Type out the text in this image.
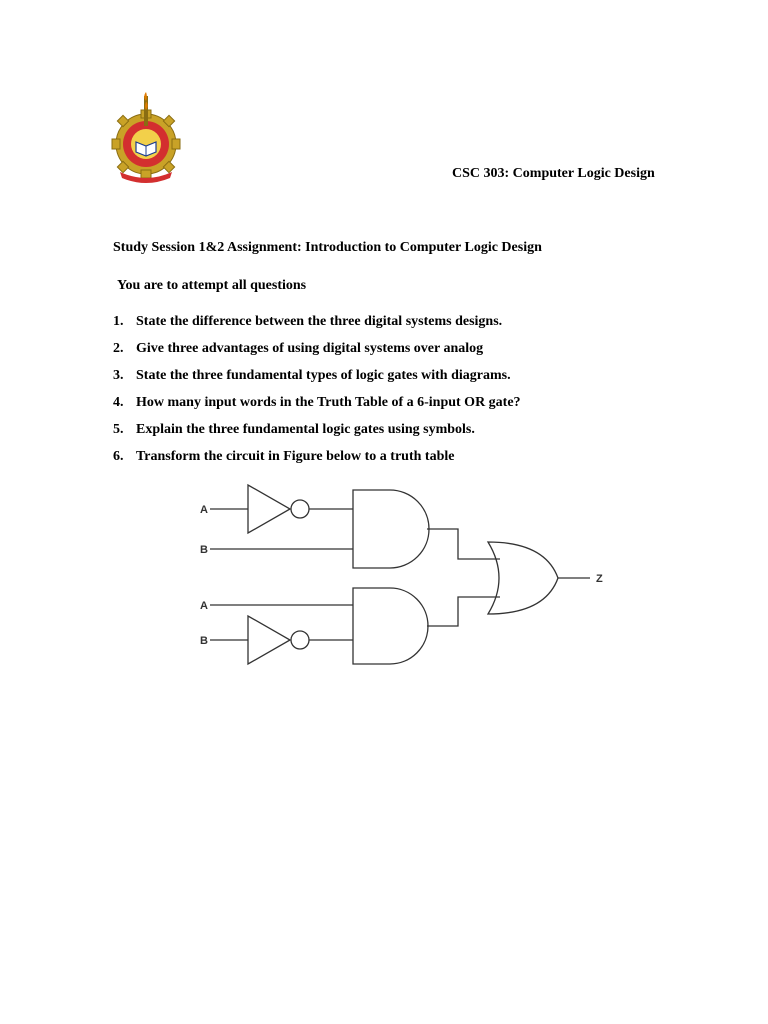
CSC 303: Computer Logic Design
Study Session 1&2 Assignment: Introduction to Computer Logic Design
You are to attempt all questions
1. State the difference between the three digital systems designs.
2. Give three advantages of using digital systems over analog
3. State the three fundamental types of logic gates with diagrams.
4. How many input words in the Truth Table of a 6-input OR gate?
5. Explain the three fundamental logic gates using symbols.
6. Transform the circuit in Figure below to a truth table
A
B
A
B
Z
